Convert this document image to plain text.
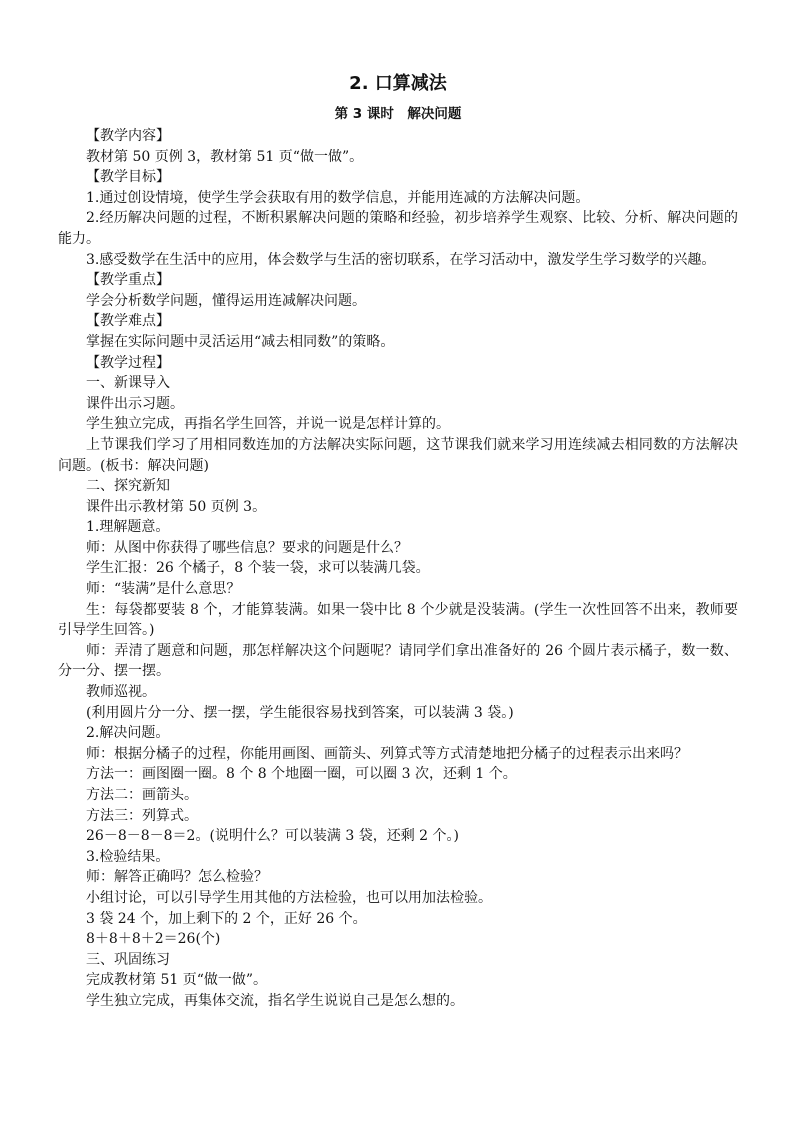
2. 口算减法
第 3 课时　解决问题

【教学内容】

教材第 50 页例 3，教材第 51 页“做一做”。

【教学目标】

1.通过创设情境，使学生学会获取有用的数学信息，并能用连减的方法解决问题。

2.经历解决问题的过程，不断积累解决问题的策略和经验，初步培养学生观察、比较、分析、解决问题的能力。

3.感受数学在生活中的应用，体会数学与生活的密切联系，在学习活动中，激发学生学习数学的兴趣。

【教学重点】

学会分析数学问题，懂得运用连减解决问题。

【教学难点】

掌握在实际问题中灵活运用“减去相同数”的策略。

【教学过程】

一、新课导入

课件出示习题。

学生独立完成，再指名学生回答，并说一说是怎样计算的。

上节课我们学习了用相同数连加的方法解决实际问题，这节课我们就来学习用连续减去相同数的方法解决问题。(板书：解决问题)

二、探究新知

课件出示教材第 50 页例 3。

1.理解题意。

师：从图中你获得了哪些信息？要求的问题是什么？

学生汇报：26 个橘子，8 个装一袋，求可以装满几袋。

师：“装满”是什么意思？

生：每袋都要装 8 个，才能算装满。如果一袋中比 8 个少就是没装满。(学生一次性回答不出来，教师要引导学生回答。)

师：弄清了题意和问题，那怎样解决这个问题呢？请同学们拿出准备好的 26 个圆片表示橘子，数一数、分一分、摆一摆。

教师巡视。

(利用圆片分一分、摆一摆，学生能很容易找到答案，可以装满 3 袋。)

2.解决问题。

师：根据分橘子的过程，你能用画图、画箭头、列算式等方式清楚地把分橘子的过程表示出来吗？

方法一：画图圈一圈。8 个 8 个地圈一圈，可以圈 3 次，还剩 1 个。

方法二：画箭头。

方法三：列算式。

26－8－8－8＝2。(说明什么？可以装满 3 袋，还剩 2 个。)

3.检验结果。

师：解答正确吗？怎么检验？

小组讨论，可以引导学生用其他的方法检验，也可以用加法检验。

3 袋 24 个，加上剩下的 2 个，正好 26 个。

8＋8＋8＋2＝26(个)

三、巩固练习

完成教材第 51 页“做一做”。

学生独立完成，再集体交流，指名学生说说自己是怎么想的。
